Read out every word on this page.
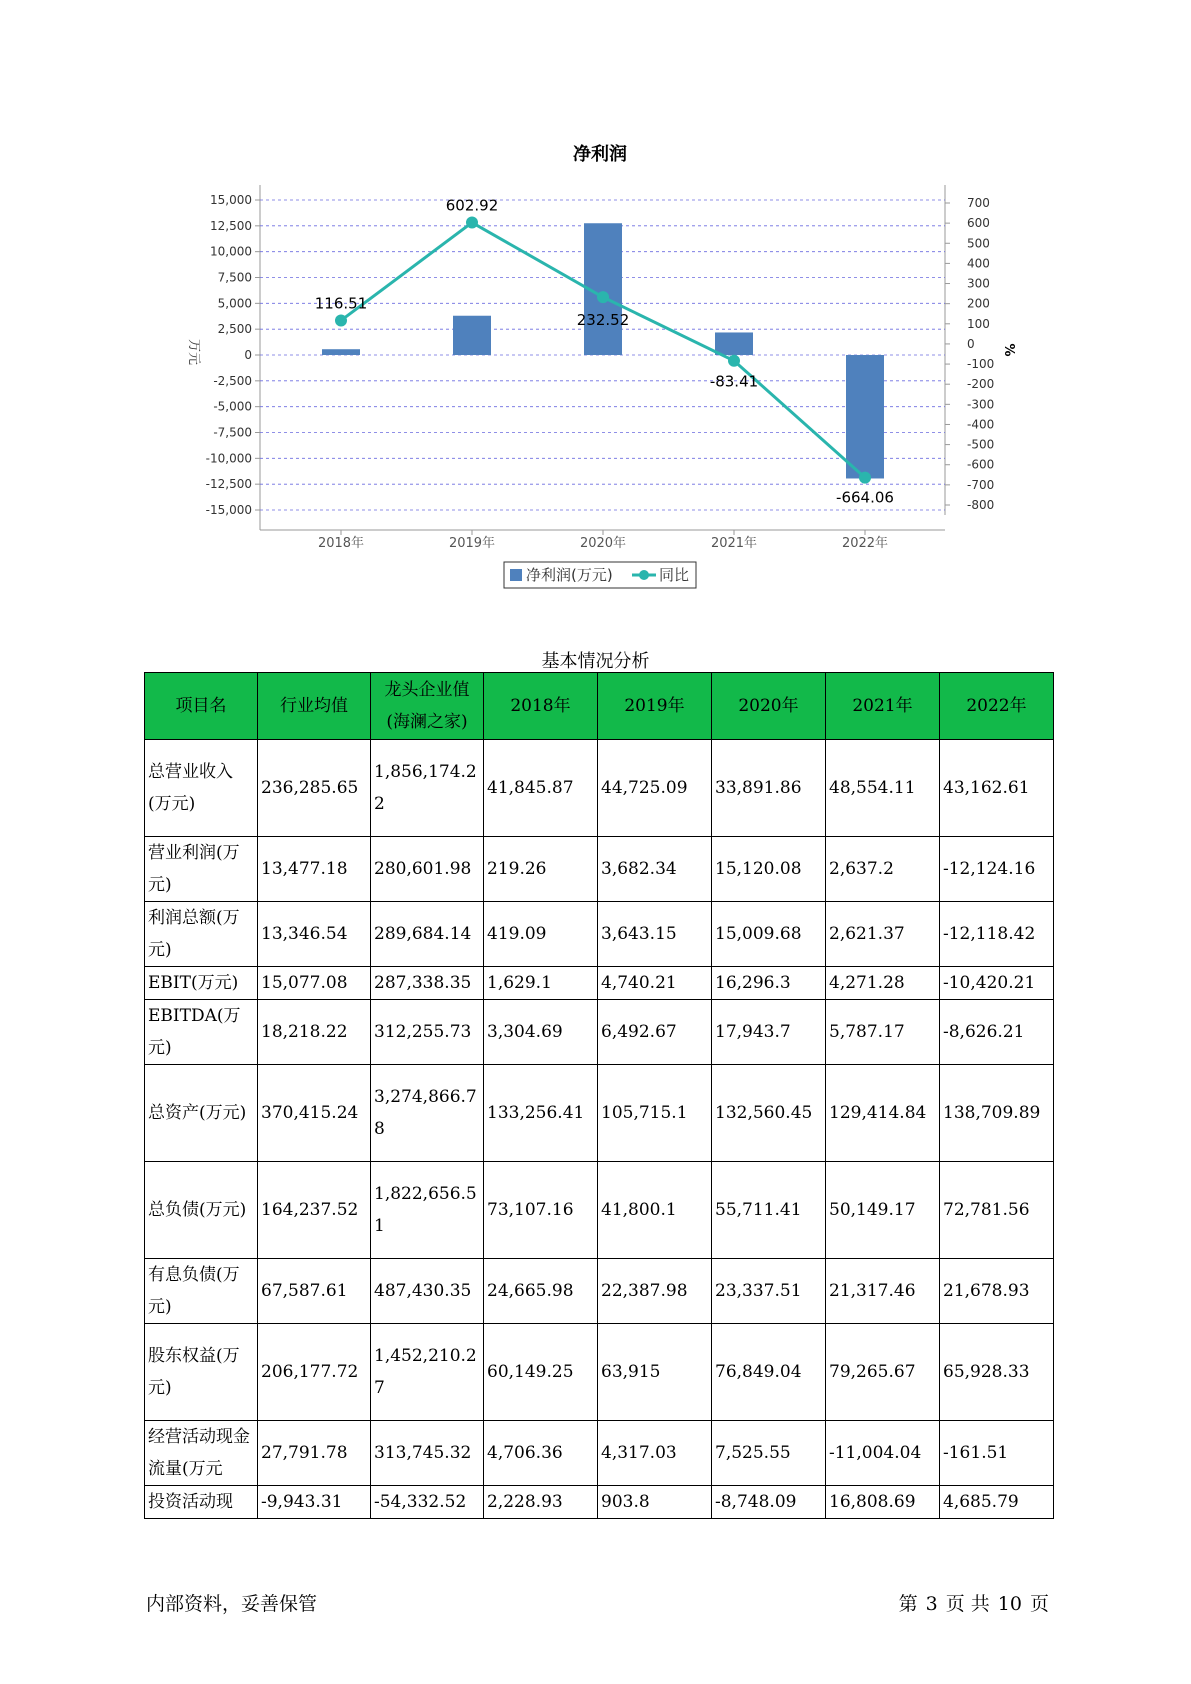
净利润
15,000
12,500
10,000
7,500
5,000
2,500
0
-2,500
-5,000
-7,500
-10,000
-12,500
-15,000
700
600
500
400
300
200
100
0
-100
-200
-300
-400
-500
-600
-700
-800
万元	%
2018年	2019年	2020年	2021年	2022年
116.51
602.92
232.52
-83.41
-664.06
净利润(万元)	同比
基本情况分析
项目名	行业均值	龙头企业值(海澜之家)	2018年	2019年	2020年	2021年	2022年
总营业收入(万元)	236,285.65	1,856,174.22	41,845.87	44,725.09	33,891.86	48,554.11	43,162.61
营业利润(万元)	13,477.18	280,601.98	219.26	3,682.34	15,120.08	2,637.2	-12,124.16
利润总额(万元)	13,346.54	289,684.14	419.09	3,643.15	15,009.68	2,621.37	-12,118.42
EBIT(万元)	15,077.08	287,338.35	1,629.1	4,740.21	16,296.3	4,271.28	-10,420.21
EBITDA(万元)	18,218.22	312,255.73	3,304.69	6,492.67	17,943.7	5,787.17	-8,626.21
总资产(万元)	370,415.24	3,274,866.78	133,256.41	105,715.1	132,560.45	129,414.84	138,709.89
总负债(万元)	164,237.52	1,822,656.51	73,107.16	41,800.1	55,711.41	50,149.17	72,781.56
有息负债(万元)	67,587.61	487,430.35	24,665.98	22,387.98	23,337.51	21,317.46	21,678.93
股东权益(万元)	206,177.72	1,452,210.27	60,149.25	63,915	76,849.04	79,265.67	65,928.33
经营活动现金流量(万元	27,791.78	313,745.32	4,706.36	4,317.03	7,525.55	-11,004.04	-161.51
投资活动现	-9,943.31	-54,332.52	2,228.93	903.8	-8,748.09	16,808.69	4,685.79
内部资料，妥善保管	第 3 页 共 10 页
